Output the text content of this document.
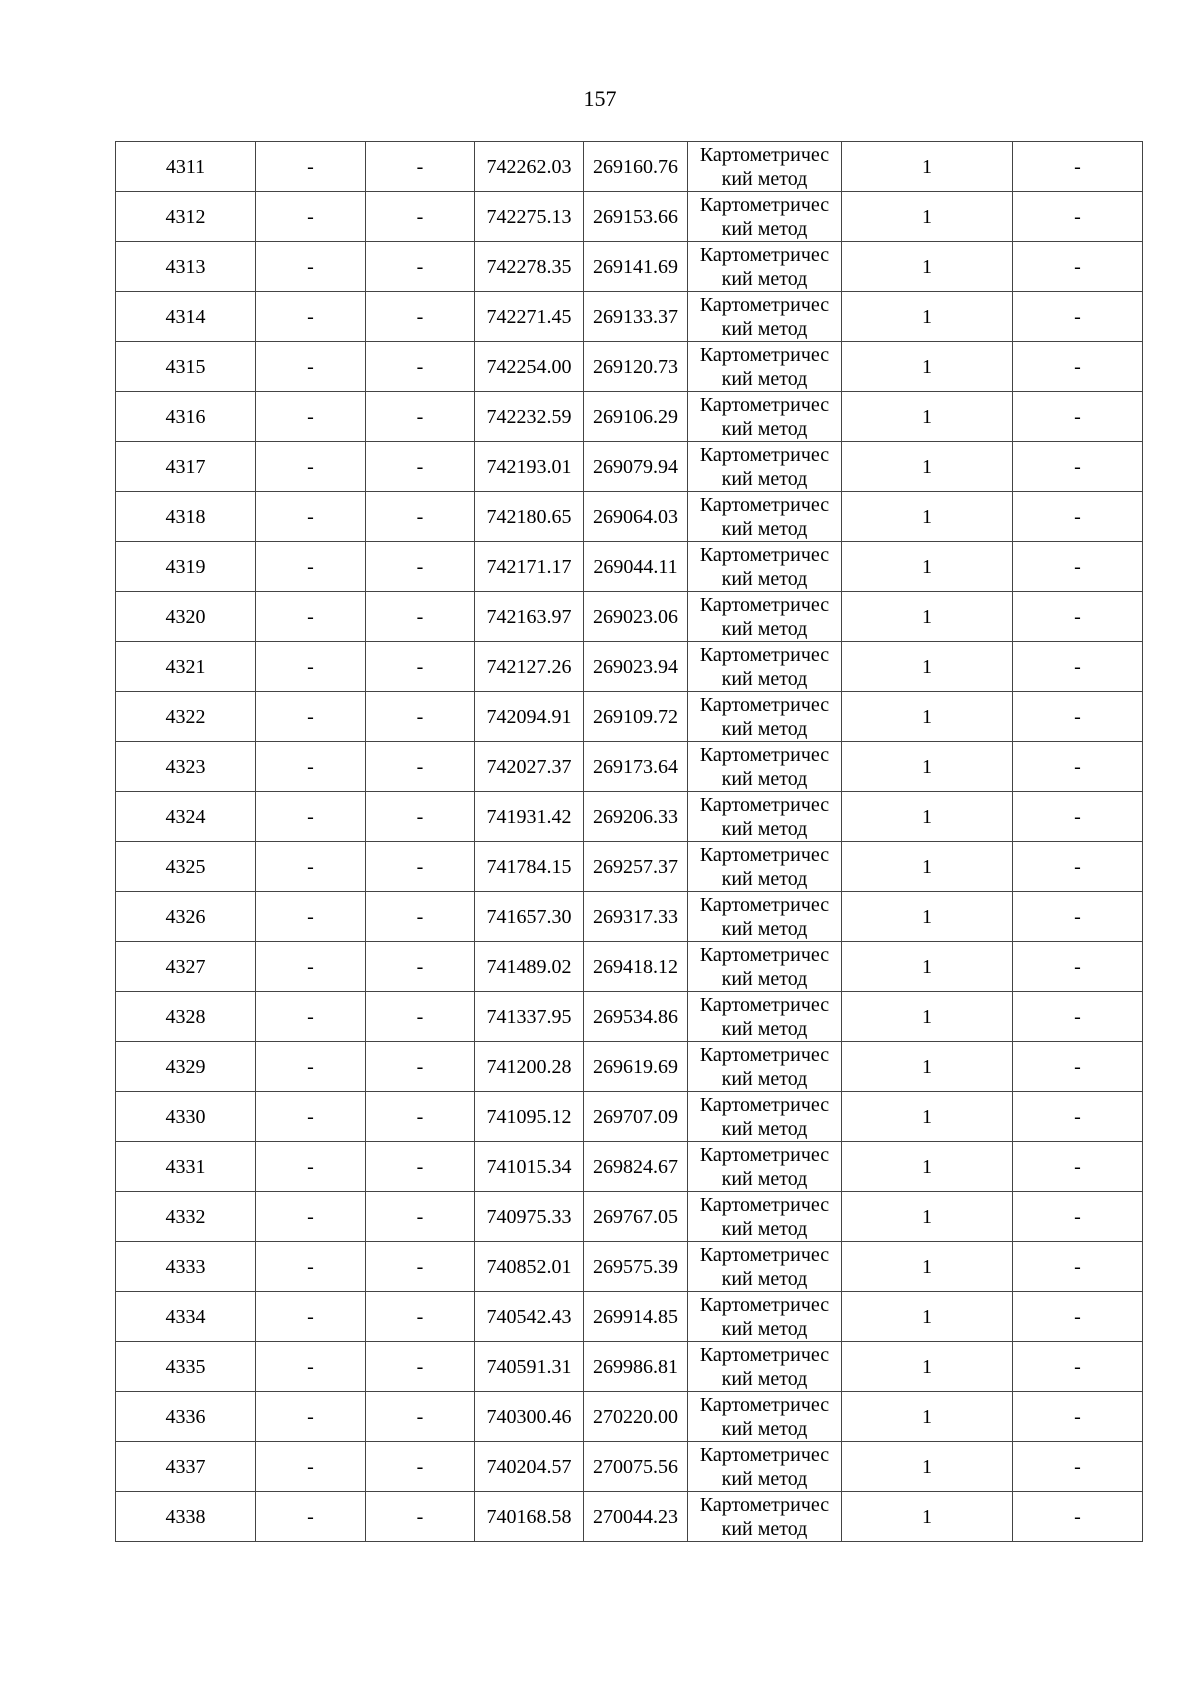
157
4311	-	-	742262.03	269160.76	Картометричес
кий метод	1	-
4312	-	-	742275.13	269153.66	Картометричес
кий метод	1	-
4313	-	-	742278.35	269141.69	Картометричес
кий метод	1	-
4314	-	-	742271.45	269133.37	Картометричес
кий метод	1	-
4315	-	-	742254.00	269120.73	Картометричес
кий метод	1	-
4316	-	-	742232.59	269106.29	Картометричес
кий метод	1	-
4317	-	-	742193.01	269079.94	Картометричес
кий метод	1	-
4318	-	-	742180.65	269064.03	Картометричес
кий метод	1	-
4319	-	-	742171.17	269044.11	Картометричес
кий метод	1	-
4320	-	-	742163.97	269023.06	Картометричес
кий метод	1	-
4321	-	-	742127.26	269023.94	Картометричес
кий метод	1	-
4322	-	-	742094.91	269109.72	Картометричес
кий метод	1	-
4323	-	-	742027.37	269173.64	Картометричес
кий метод	1	-
4324	-	-	741931.42	269206.33	Картометричес
кий метод	1	-
4325	-	-	741784.15	269257.37	Картометричес
кий метод	1	-
4326	-	-	741657.30	269317.33	Картометричес
кий метод	1	-
4327	-	-	741489.02	269418.12	Картометричес
кий метод	1	-
4328	-	-	741337.95	269534.86	Картометричес
кий метод	1	-
4329	-	-	741200.28	269619.69	Картометричес
кий метод	1	-
4330	-	-	741095.12	269707.09	Картометричес
кий метод	1	-
4331	-	-	741015.34	269824.67	Картометричес
кий метод	1	-
4332	-	-	740975.33	269767.05	Картометричес
кий метод	1	-
4333	-	-	740852.01	269575.39	Картометричес
кий метод	1	-
4334	-	-	740542.43	269914.85	Картометричес
кий метод	1	-
4335	-	-	740591.31	269986.81	Картометричес
кий метод	1	-
4336	-	-	740300.46	270220.00	Картометричес
кий метод	1	-
4337	-	-	740204.57	270075.56	Картометричес
кий метод	1	-
4338	-	-	740168.58	270044.23	Картометричес
кий метод	1	-
